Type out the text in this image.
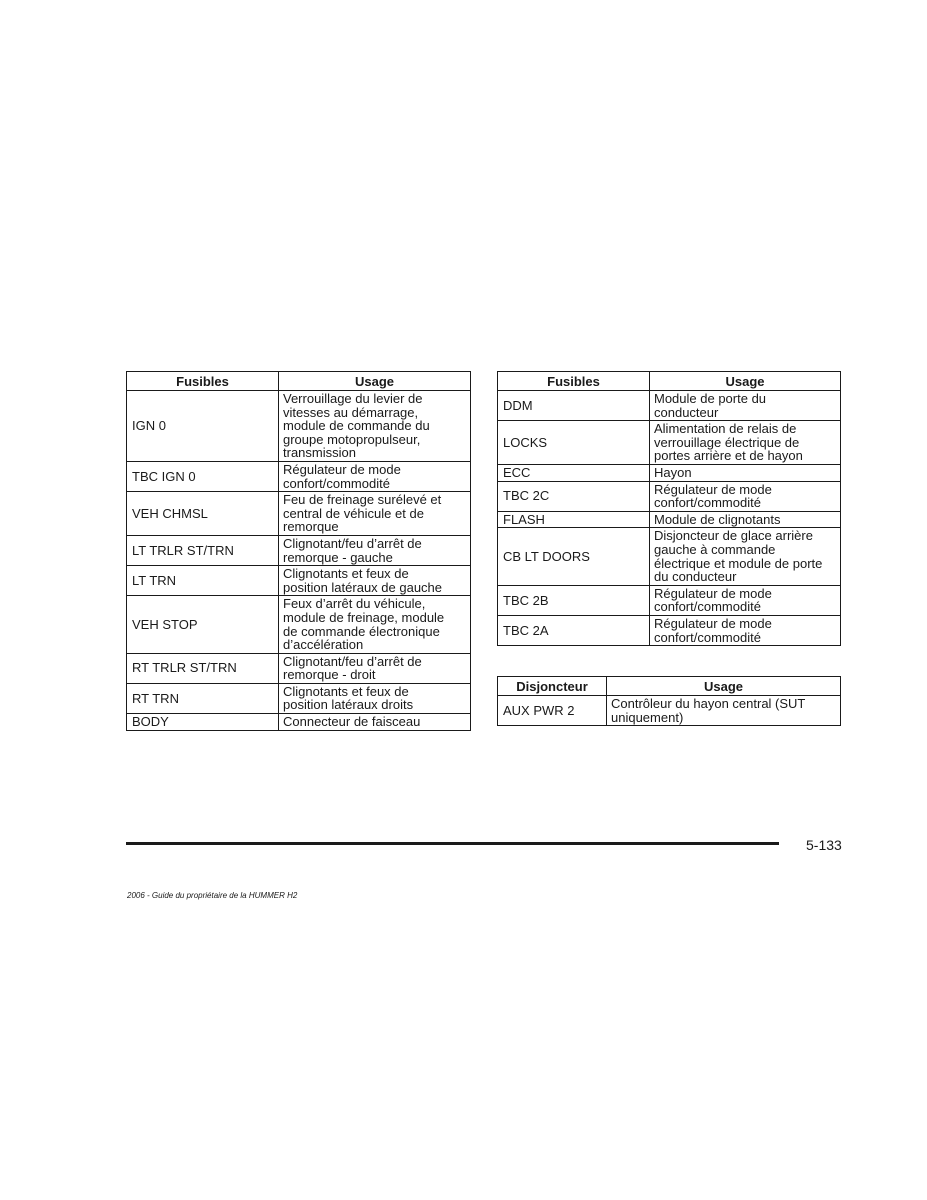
Fusibles	Usage
IGN 0	Verrouillage du levier de
vitesses au démarrage,
module de commande du
groupe motopropulseur,
transmission
TBC IGN 0	Régulateur de mode
confort/commodité
VEH CHMSL	Feu de freinage surélevé et
central de véhicule et de
remorque
LT TRLR ST/TRN	Clignotant/feu d’arrêt de
remorque - gauche
LT TRN	Clignotants et feux de
position latéraux de gauche
VEH STOP	Feux d’arrêt du véhicule,
module de freinage, module
de commande électronique
d’accélération
RT TRLR ST/TRN	Clignotant/feu d’arrêt de
remorque - droit
RT TRN	Clignotants et feux de
position latéraux droits
BODY	Connecteur de faisceau
Fusibles	Usage
DDM	Module de porte du
conducteur
LOCKS	Alimentation de relais de
verrouillage électrique de
portes arrière et de hayon
ECC	Hayon
TBC 2C	Régulateur de mode
confort/commodité
FLASH	Module de clignotants
CB LT DOORS	Disjoncteur de glace arrière
gauche à commande
électrique et module de porte
du conducteur
TBC 2B	Régulateur de mode
confort/commodité
TBC 2A	Régulateur de mode
confort/commodité
Disjoncteur	Usage
AUX PWR 2	Contrôleur du hayon central (SUT
uniquement)
5-133
2006 - Guide du propriétaire de la HUMMER H2
